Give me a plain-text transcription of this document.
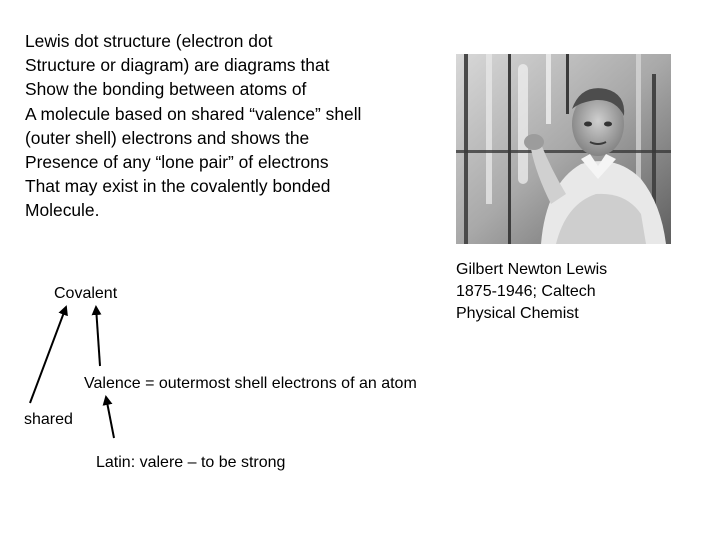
Lewis dot structure (electron dot
Structure or diagram) are diagrams that
Show the bonding between atoms of
A molecule based on shared “valence” shell
(outer shell) electrons and shows the
Presence of any “lone pair” of electrons
That may exist in the covalently bonded
Molecule.
Gilbert Newton Lewis
1875-1946; Caltech
Physical Chemist
Covalent
Valence = outermost shell electrons of an atom
shared
Latin: valere – to be strong
